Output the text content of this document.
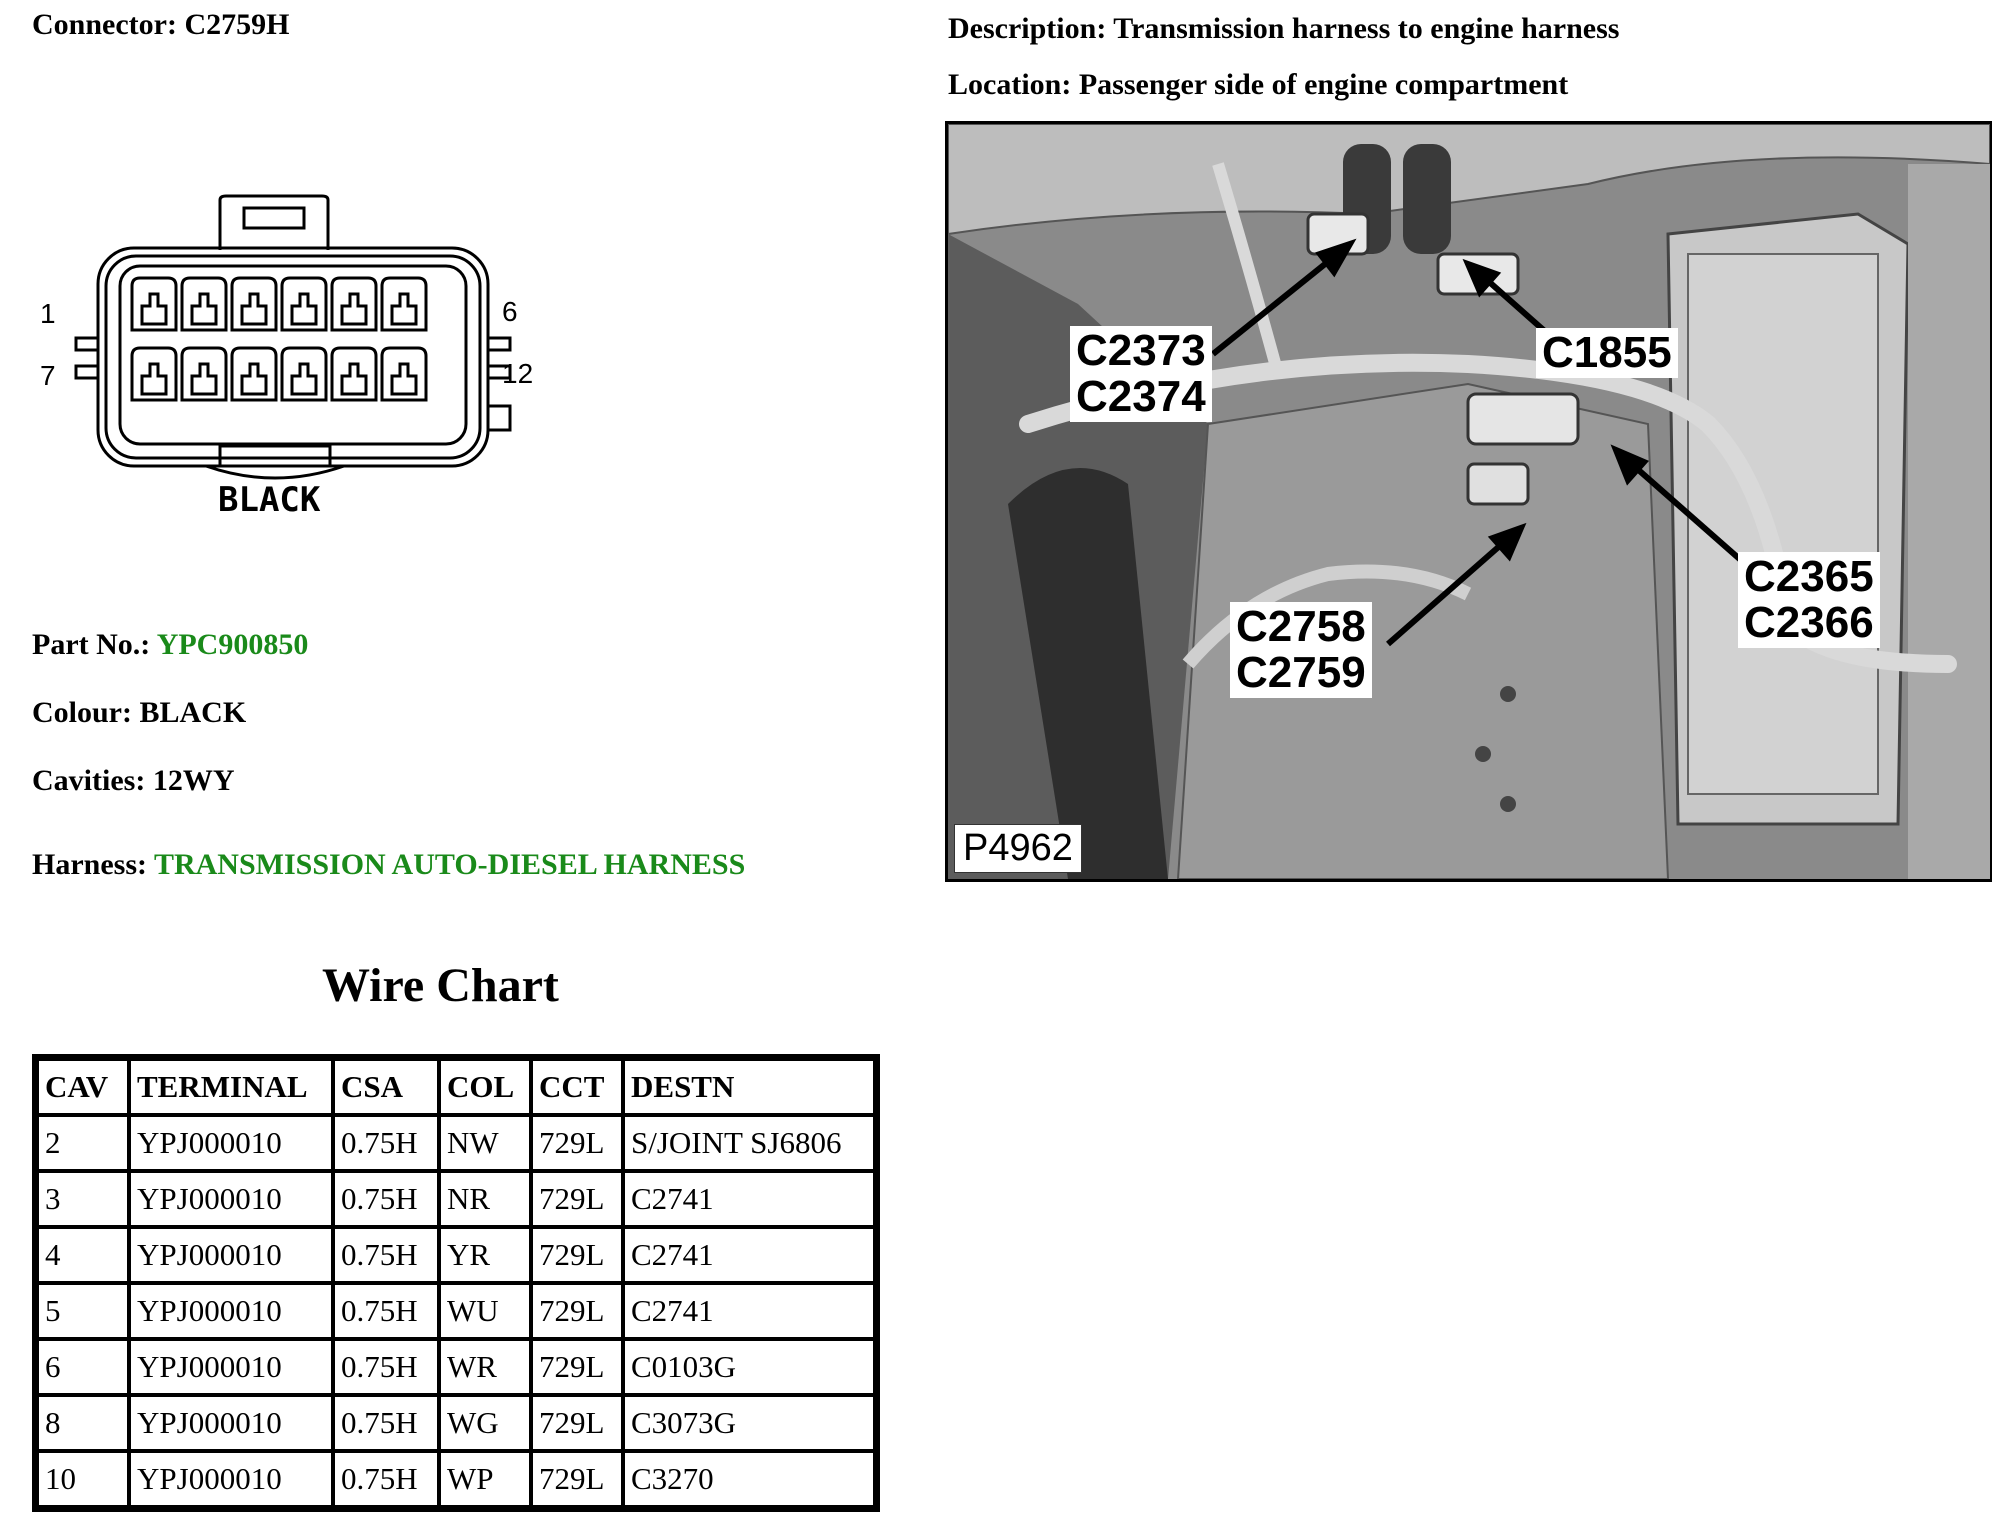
Connector: C2759H	Description: Transmission harness to engine harness
Location: Passenger side of engine compartment
1
7
6
12
BLACK
Part No.: YPC900850
Colour: BLACK
Cavities: 12WY
Harness: TRANSMISSION AUTO-DIESEL HARNESS
Wire Chart
CAV	TERMINAL	CSA	COL	CCT	DESTN
2	YPJ000010	0.75H	NW	729L	S/JOINT SJ6806
3	YPJ000010	0.75H	NR	729L	C2741
4	YPJ000010	0.75H	YR	729L	C2741
5	YPJ000010	0.75H	WU	729L	C2741
6	YPJ000010	0.75H	WR	729L	C0103G
8	YPJ000010	0.75H	WG	729L	C3073G
10	YPJ000010	0.75H	WP	729L	C3270
C2373
C2374
C1855
C2365
C2366
C2758
C2759
P4962
